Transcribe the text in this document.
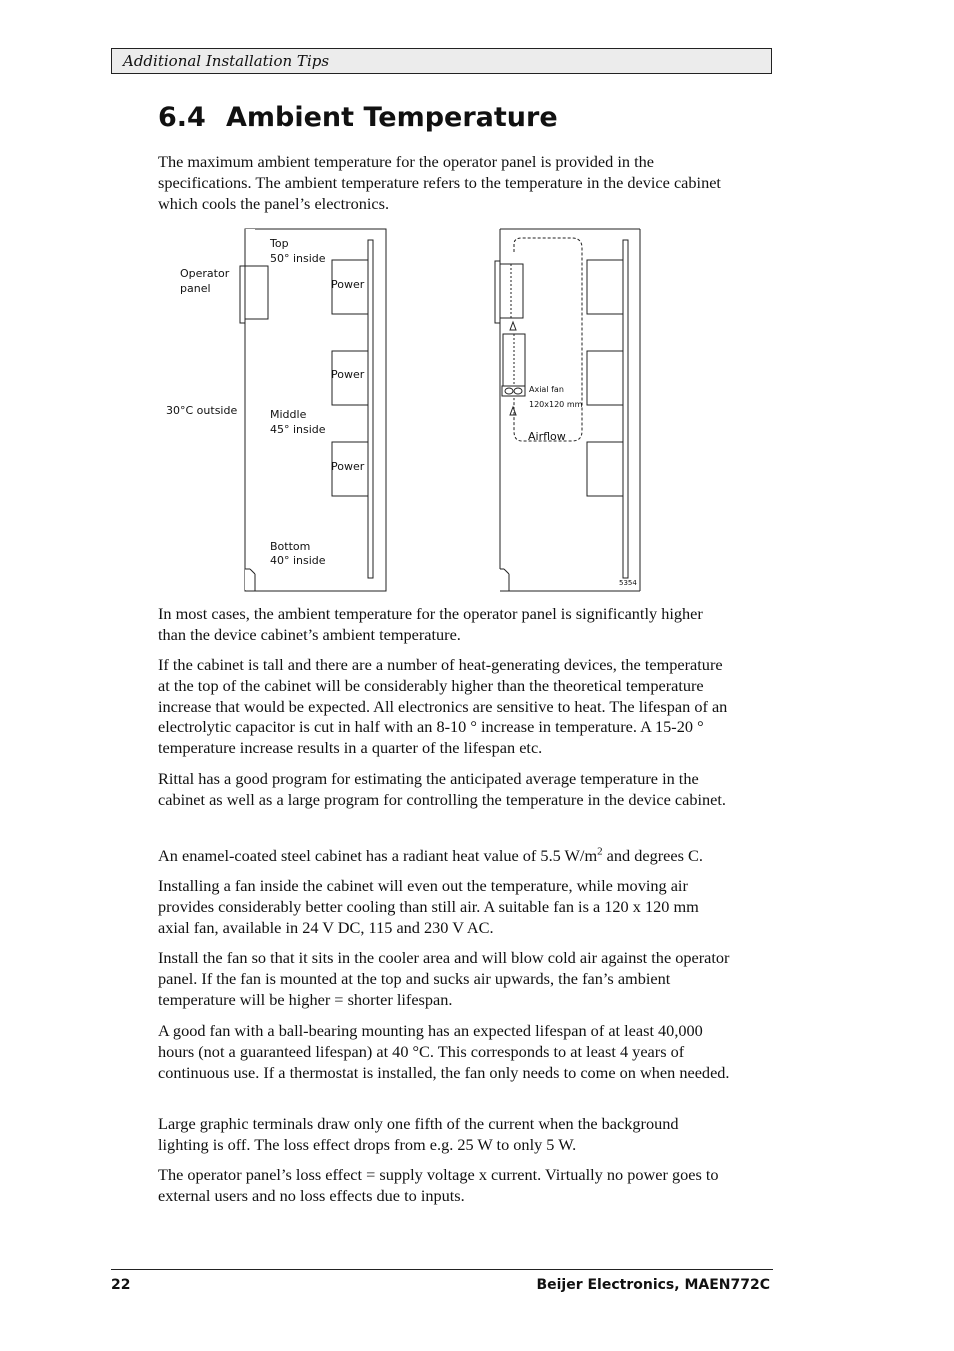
Additional Installation Tips
6.4 Ambient Temperature

The maximum ambient temperature for the operator panel is provided in the specifications. The ambient temperature refers to the temperature in the device cabinet which cools the panel’s electronics.

Operator
panel
30°C outside
Top
50° inside
Middle
45° inside
Bottom
40° inside
Power
Power
Power
Axial fan
120x120 mm
Airflow
5354

In most cases, the ambient temperature for the operator panel is significantly higher than the device cabinet’s ambient temperature.

If the cabinet is tall and there are a number of heat-generating devices, the temperature at the top of the cabinet will be considerably higher than the theoretical temperature increase that would be expected. All electronics are sensitive to heat. The lifespan of an electrolytic capacitor is cut in half with an 8-10 ° increase in temperature. A 15-20 ° temperature increase results in a quarter of the lifespan etc.

Rittal has a good program for estimating the anticipated average temperature in the cabinet as well as a large program for controlling the temperature in the device cabinet.

An enamel-coated steel cabinet has a radiant heat value of 5.5 $W/m^2$ and degrees C.

Installing a fan inside the cabinet will even out the temperature, while moving air provides considerably better cooling than still air. A suitable fan is a 120 x 120 mm axial fan, available in 24 V DC, 115 and 230 V AC.

Install the fan so that it sits in the cooler area and will blow cold air against the operator panel. If the fan is mounted at the top and sucks air upwards, the fan’s ambient temperature will be higher = shorter lifespan.

A good fan with a ball-bearing mounting has an expected lifespan of at least 40,000 hours (not a guaranteed lifespan) at 40 °C. This corresponds to at least 4 years of continuous use. If a thermostat is installed, the fan only needs to come on when needed.

Large graphic terminals draw only one fifth of the current when the background lighting is off. The loss effect drops from e.g. 25 W to only 5 W.

The operator panel’s loss effect = supply voltage x current. Virtually no power goes to external users and no loss effects due to inputs.

22	Beijer Electronics, MAEN772C
